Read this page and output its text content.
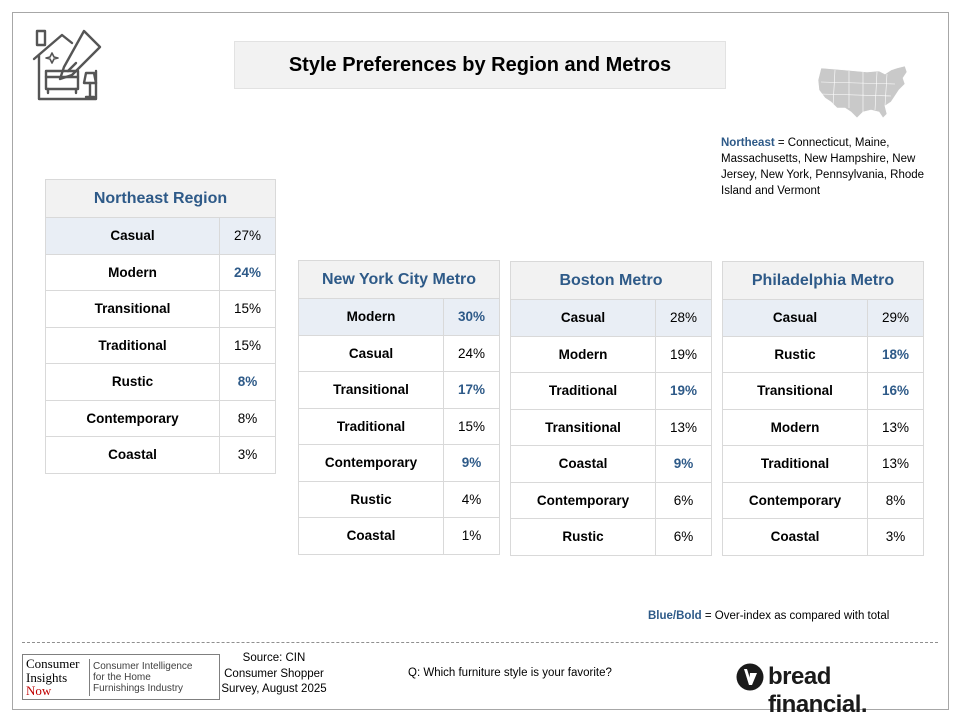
Style Preferences by Region and Metros
Northeast = Connecticut, Maine, Massachusetts, New Hampshire, New Jersey, New York, Pennsylvania, Rhode Island and Vermont
Northeast Region	
Casual	27%
Modern	24%
Transitional	15%
Traditional	15%
Rustic	8%
Contemporary	8%
Coastal	3%
New York City Metro	
Modern	30%
Casual	24%
Transitional	17%
Traditional	15%
Contemporary	9%
Rustic	4%
Coastal	1%
Boston Metro	
Casual	28%
Modern	19%
Traditional	19%
Transitional	13%
Coastal	9%
Contemporary	6%
Rustic	6%
Philadelphia Metro	
Casual	29%
Rustic	18%
Transitional	16%
Modern	13%
Traditional	13%
Contemporary	8%
Coastal	3%
Blue/Bold = Over-index as compared with total
Consumer
Insights
Now
Consumer Intelligence
for the Home
Furnishings Industry
Source: CIN
Consumer Shopper
Survey, August 2025
Q: Which furniture style is your favorite?	bread financial.
